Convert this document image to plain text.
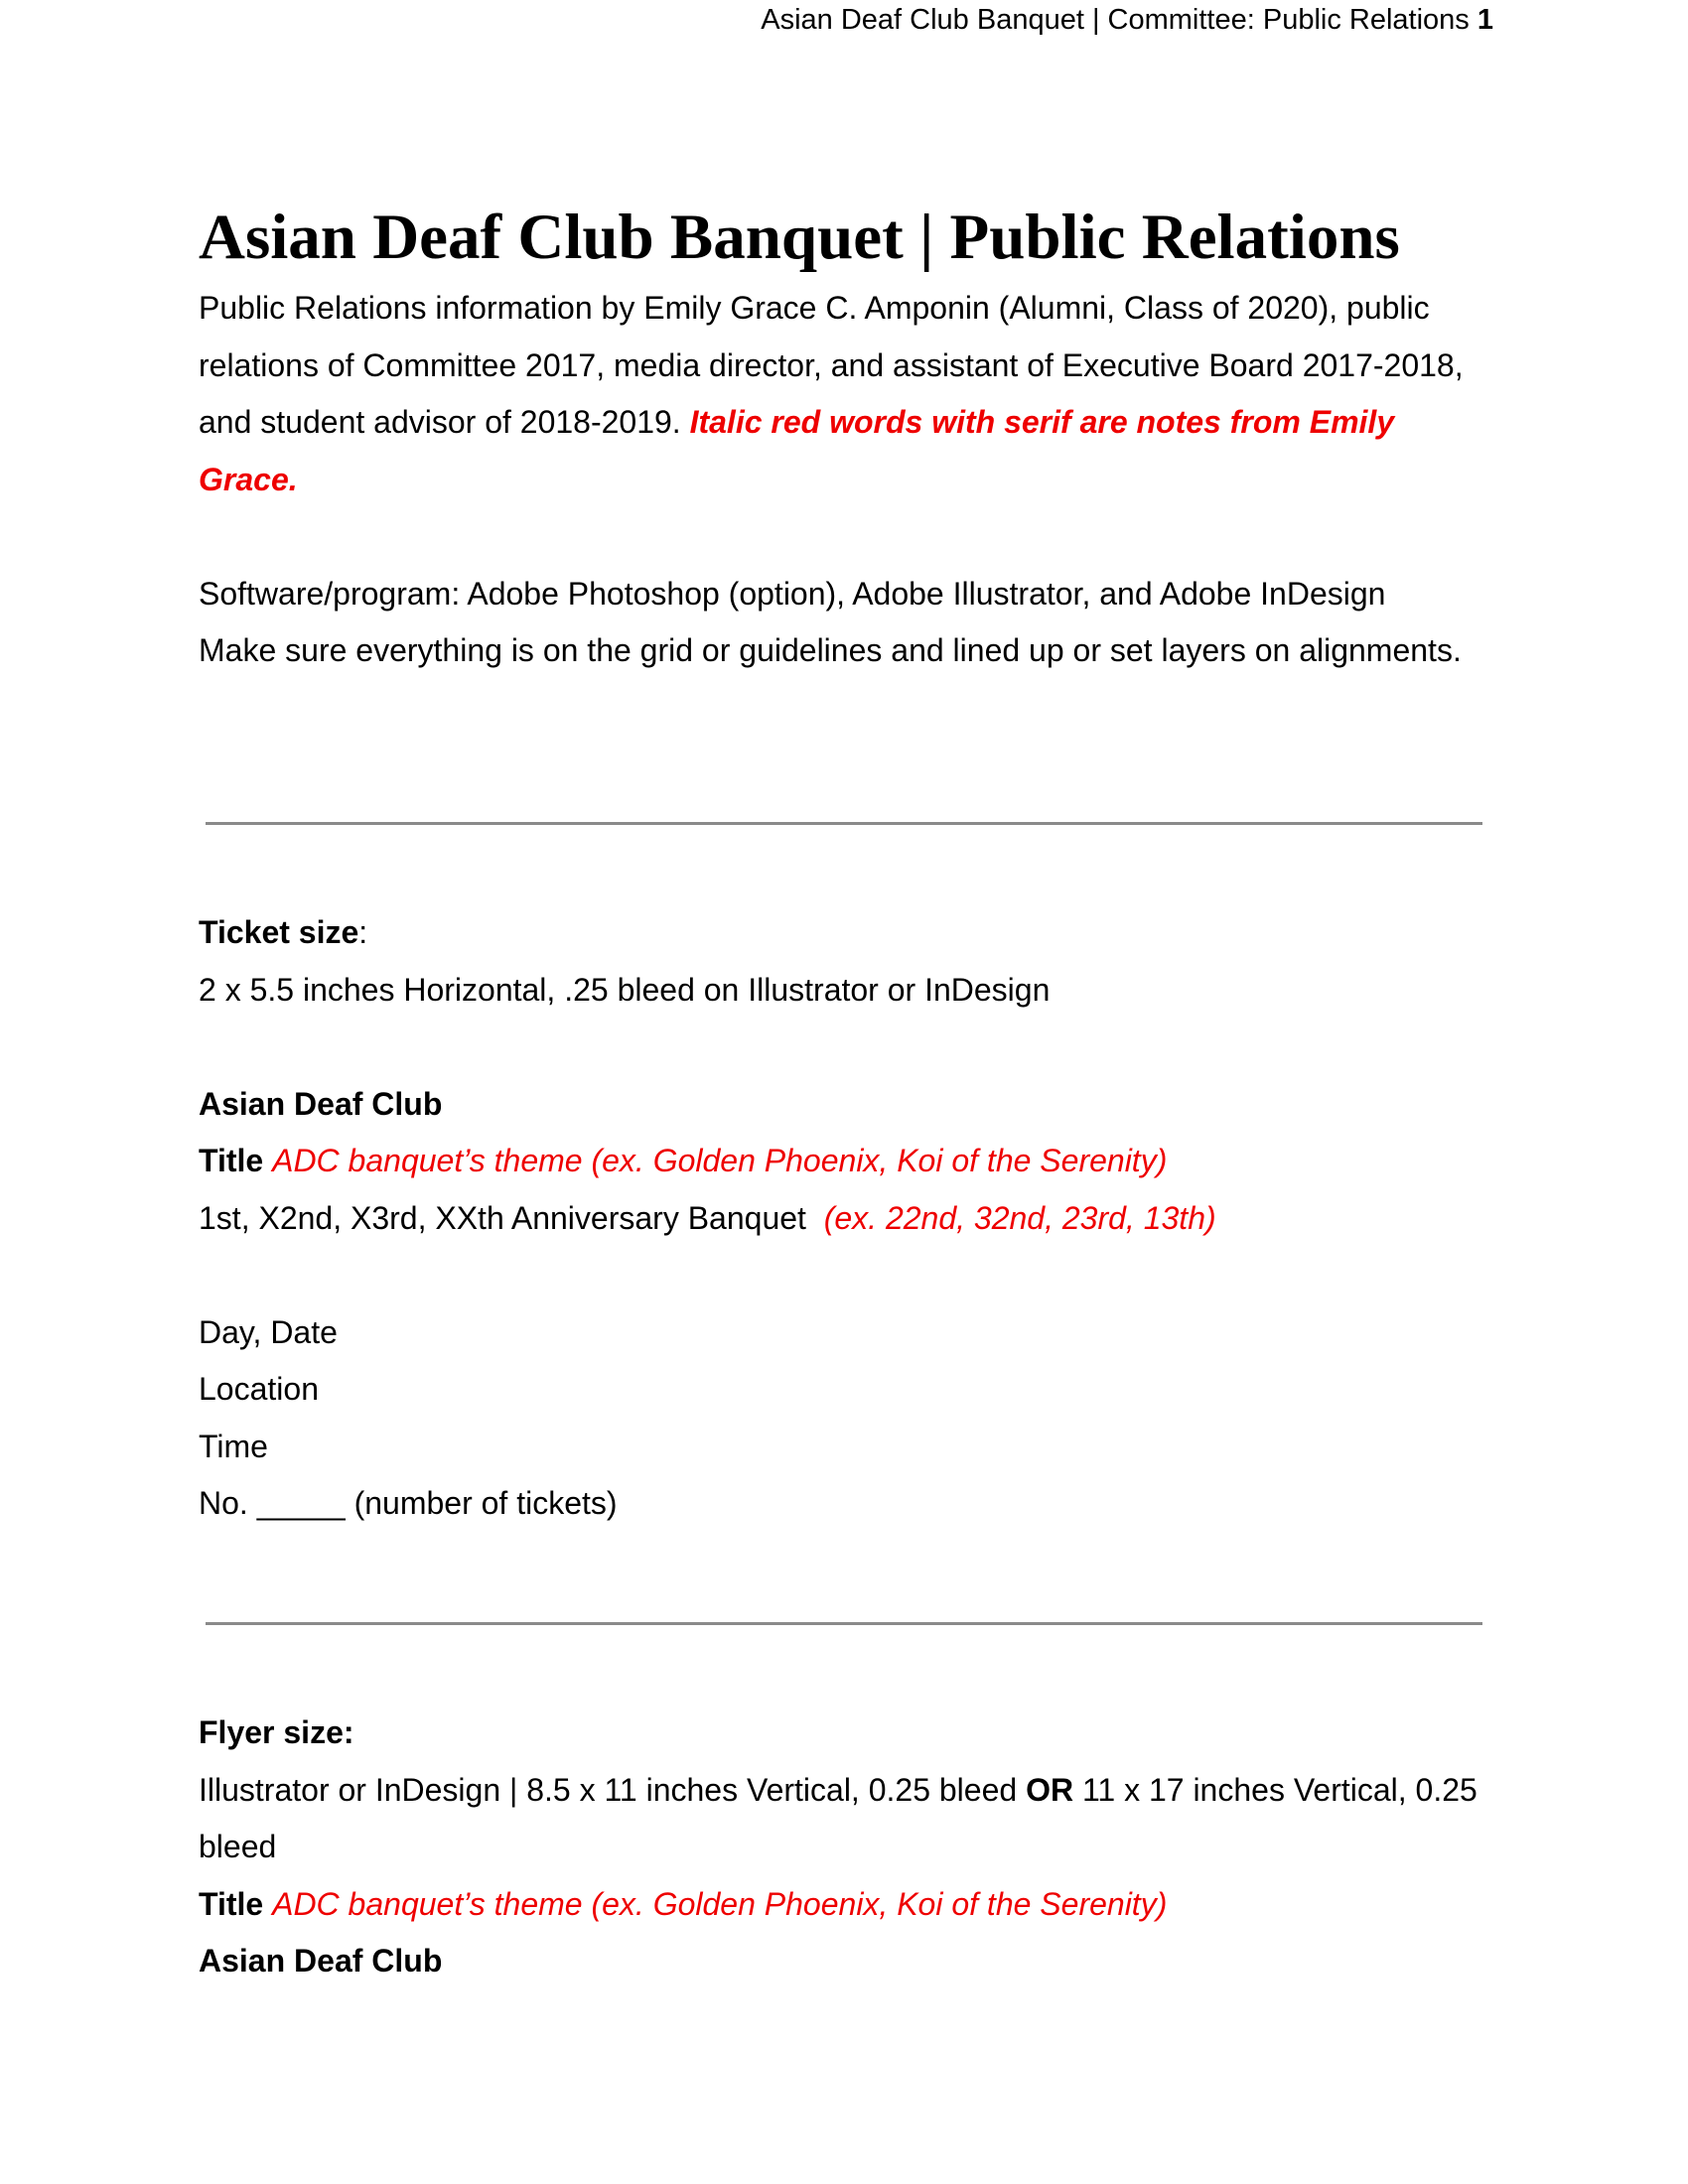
Asian Deaf Club Banquet | Committee: Public Relations 1
Asian Deaf Club Banquet | Public Relations

Public Relations information by Emily Grace C. Amponin (Alumni, Class of 2020), public relations of Committee 2017, media director, and assistant of Executive Board 2017-2018, and student advisor of 2018-2019. Italic red words with serif are notes from Emily Grace.

Software/program: Adobe Photoshop (option), Adobe Illustrator, and Adobe InDesign

Make sure everything is on the grid or guidelines and lined up or set layers on alignments.

Ticket size:

2 x 5.5 inches Horizontal, .25 bleed on Illustrator or InDesign

Asian Deaf Club

Title ADC banquet’s theme (ex. Golden Phoenix, Koi of the Serenity)

1st, X2nd, X3rd, XXth Anniversary Banquet (ex. 22nd, 32nd, 23rd, 13th)

Day, Date

Location

Time

No. _____ (number of tickets)

Flyer size:

Illustrator or InDesign | 8.5 x 11 inches Vertical, 0.25 bleed OR 11 x 17 inches Vertical, 0.25 bleed

Title ADC banquet’s theme (ex. Golden Phoenix, Koi of the Serenity)

Asian Deaf Club
